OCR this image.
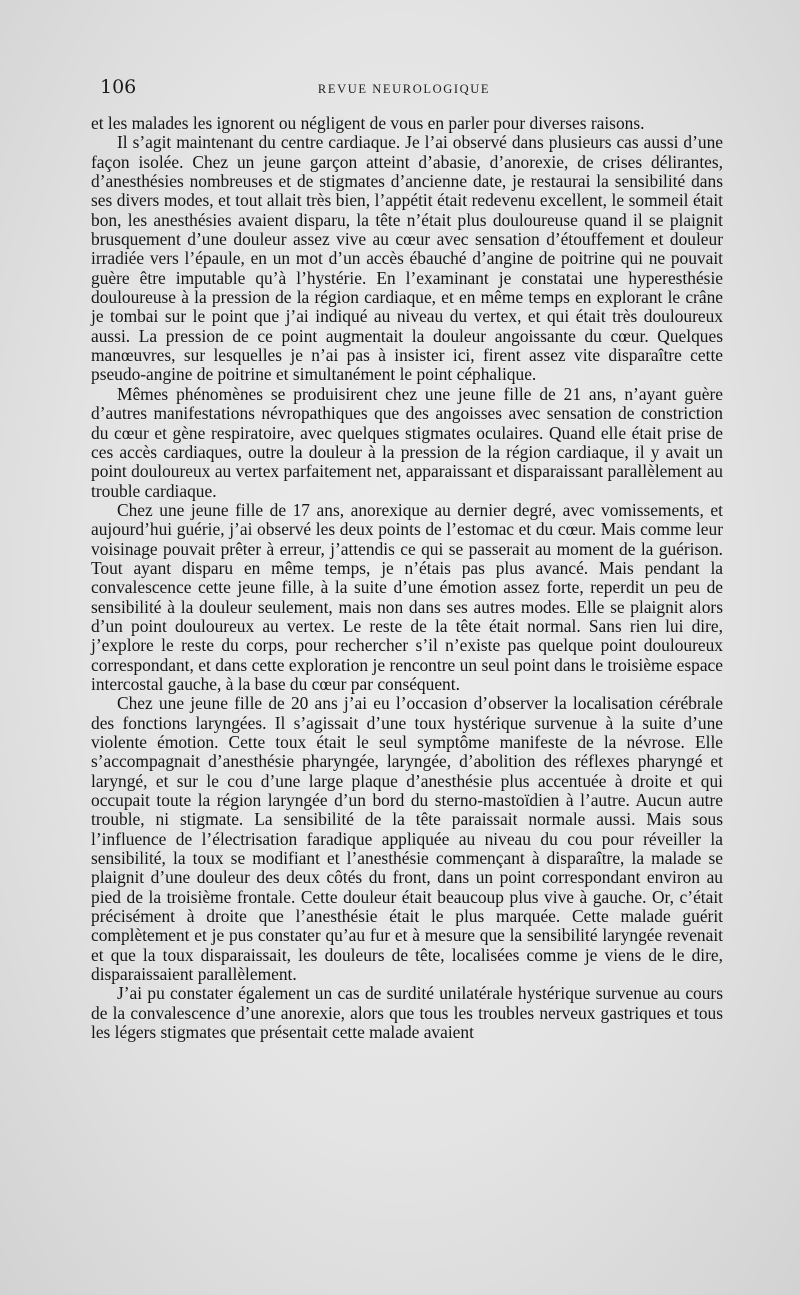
106	REVUE NEUROLOGIQUE

et les malades les ignorent ou négligent de vous en parler pour diverses raisons.

Il s’agit maintenant du centre cardiaque. Je l’ai observé dans plusieurs cas aussi d’une façon isolée. Chez un jeune garçon atteint d’abasie, d’anorexie, de crises délirantes, d’anesthésies nombreuses et de stigmates d’ancienne date, je restaurai la sensibilité dans ses divers modes, et tout allait très bien, l’appétit était redevenu excellent, le sommeil était bon, les anesthésies avaient disparu, la tête n’était plus douloureuse quand il se plaignit brusquement d’une douleur assez vive au cœur avec sensation d’étouffement et douleur irradiée vers l’épaule, en un mot d’un accès ébauché d’angine de poitrine qui ne pouvait guère être imputable qu’à l’hystérie. En l’examinant je constatai une hyperesthésie douloureuse à la pression de la région cardiaque, et en même temps en explorant le crâne je tombai sur le point que j’ai indiqué au niveau du vertex, et qui était très douloureux aussi. La pression de ce point augmentait la douleur angoissante du cœur. Quelques manœuvres, sur lesquelles je n’ai pas à insister ici, firent assez vite disparaître cette pseudo-angine de poitrine et simultanément le point céphalique.

Mêmes phénomènes se produisirent chez une jeune fille de 21 ans, n’ayant guère d’autres manifestations névropathiques que des angoisses avec sensation de constriction du cœur et gène respiratoire, avec quelques stigmates oculaires. Quand elle était prise de ces accès cardiaques, outre la douleur à la pression de la région cardiaque, il y avait un point douloureux au vertex parfaitement net, apparaissant et disparaissant parallèlement au trouble cardiaque.

Chez une jeune fille de 17 ans, anorexique au dernier degré, avec vomissements, et aujourd’hui guérie, j’ai observé les deux points de l’estomac et du cœur. Mais comme leur voisinage pouvait prêter à erreur, j’attendis ce qui se passerait au moment de la guérison. Tout ayant disparu en même temps, je n’étais pas plus avancé. Mais pendant la convalescence cette jeune fille, à la suite d’une émotion assez forte, reperdit un peu de sensibilité à la douleur seulement, mais non dans ses autres modes. Elle se plaignit alors d’un point douloureux au vertex. Le reste de la tête était normal. Sans rien lui dire, j’explore le reste du corps, pour rechercher s’il n’existe pas quelque point douloureux correspondant, et dans cette exploration je rencontre un seul point dans le troisième espace intercostal gauche, à la base du cœur par conséquent.

Chez une jeune fille de 20 ans j’ai eu l’occasion d’observer la localisation cérébrale des fonctions laryngées. Il s’agissait d’une toux hystérique survenue à la suite d’une violente émotion. Cette toux était le seul symptôme manifeste de la névrose. Elle s’accompagnait d’anesthésie pharyngée, laryngée, d’abolition des réflexes pharyngé et laryngé, et sur le cou d’une large plaque d’anesthésie plus accentuée à droite et qui occupait toute la région laryngée d’un bord du sterno-mastoïdien à l’autre. Aucun autre trouble, ni stigmate. La sensibilité de la tête paraissait normale aussi. Mais sous l’influence de l’électrisation faradique appliquée au niveau du cou pour réveiller la sensibilité, la toux se modifiant et l’anesthésie commençant à disparaître, la malade se plaignit d’une douleur des deux côtés du front, dans un point correspondant environ au pied de la troisième frontale. Cette douleur était beaucoup plus vive à gauche. Or, c’était précisément à droite que l’anesthésie était le plus marquée. Cette malade guérit complètement et je pus constater qu’au fur et à mesure que la sensibilité laryngée revenait et que la toux disparaissait, les douleurs de tête, localisées comme je viens de le dire, disparaissaient parallèlement.

J’ai pu constater également un cas de surdité unilatérale hystérique survenue au cours de la convalescence d’une anorexie, alors que tous les troubles nerveux gastriques et tous les légers stigmates que présentait cette malade avaient
